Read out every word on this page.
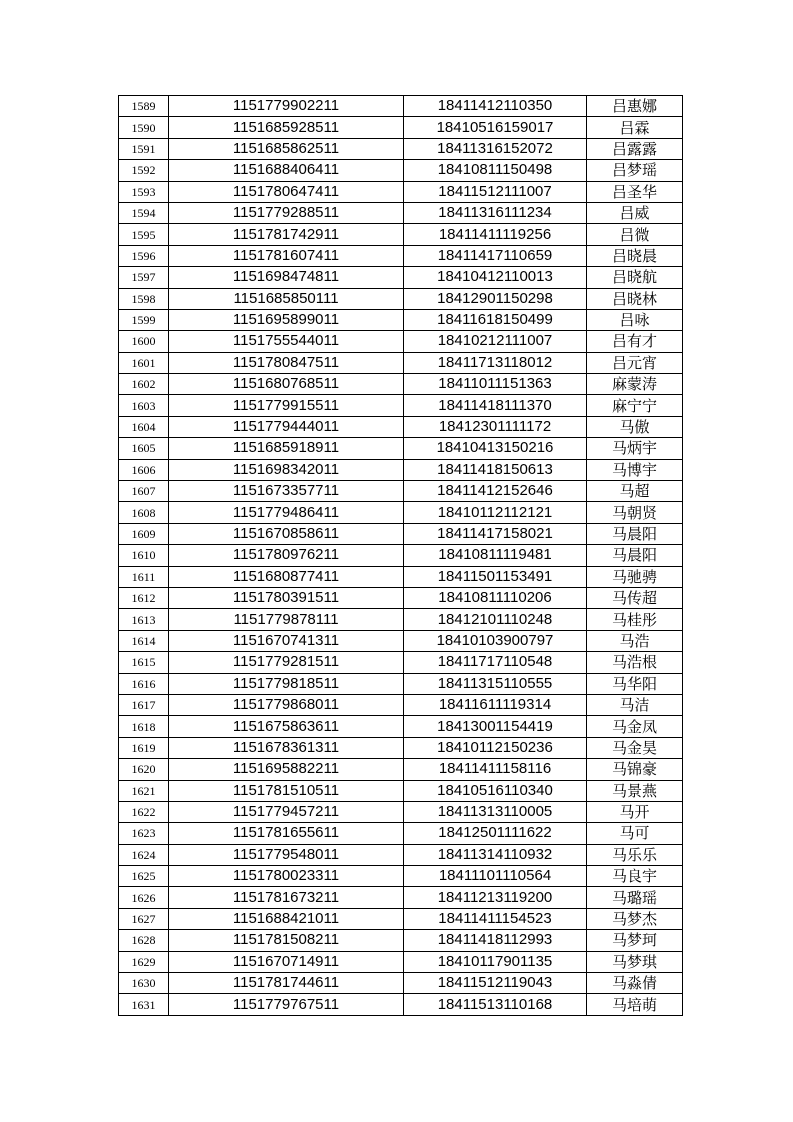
1589	1151779902211	18411412110350	吕惠娜
1590	1151685928511	18410516159017	吕霖
1591	1151685862511	18411316152072	吕露露
1592	1151688406411	18410811150498	吕梦瑶
1593	1151780647411	18411512111007	吕圣华
1594	1151779288511	18411316111234	吕威
1595	1151781742911	18411411119256	吕微
1596	1151781607411	18411417110659	吕晓晨
1597	1151698474811	18410412110013	吕晓航
1598	1151685850111	18412901150298	吕晓林
1599	1151695899011	18411618150499	吕咏
1600	1151755544011	18410212111007	吕有才
1601	1151780847511	18411713118012	吕元宵
1602	1151680768511	18411011151363	麻蒙涛
1603	1151779915511	18411418111370	麻宁宁
1604	1151779444011	18412301111172	马傲
1605	1151685918911	18410413150216	马炳宇
1606	1151698342011	18411418150613	马博宇
1607	1151673357711	18411412152646	马超
1608	1151779486411	18410112112121	马朝贤
1609	1151670858611	18411417158021	马晨阳
1610	1151780976211	18410811119481	马晨阳
1611	1151680877411	18411501153491	马驰骋
1612	1151780391511	18410811110206	马传超
1613	1151779878111	18412101110248	马桂彤
1614	1151670741311	18410103900797	马浩
1615	1151779281511	18411717110548	马浩根
1616	1151779818511	18411315110555	马华阳
1617	1151779868011	18411611119314	马洁
1618	1151675863611	18413001154419	马金凤
1619	1151678361311	18410112150236	马金昊
1620	1151695882211	18411411158116	马锦豪
1621	1151781510511	18410516110340	马景燕
1622	1151779457211	18411313110005	马开
1623	1151781655611	18412501111622	马可
1624	1151779548011	18411314110932	马乐乐
1625	1151780023311	18411101110564	马良宇
1626	1151781673211	18411213119200	马璐瑶
1627	1151688421011	18411411154523	马梦杰
1628	1151781508211	18411418112993	马梦珂
1629	1151670714911	18410117901135	马梦琪
1630	1151781744611	18411512119043	马淼倩
1631	1151779767511	18411513110168	马培萌
